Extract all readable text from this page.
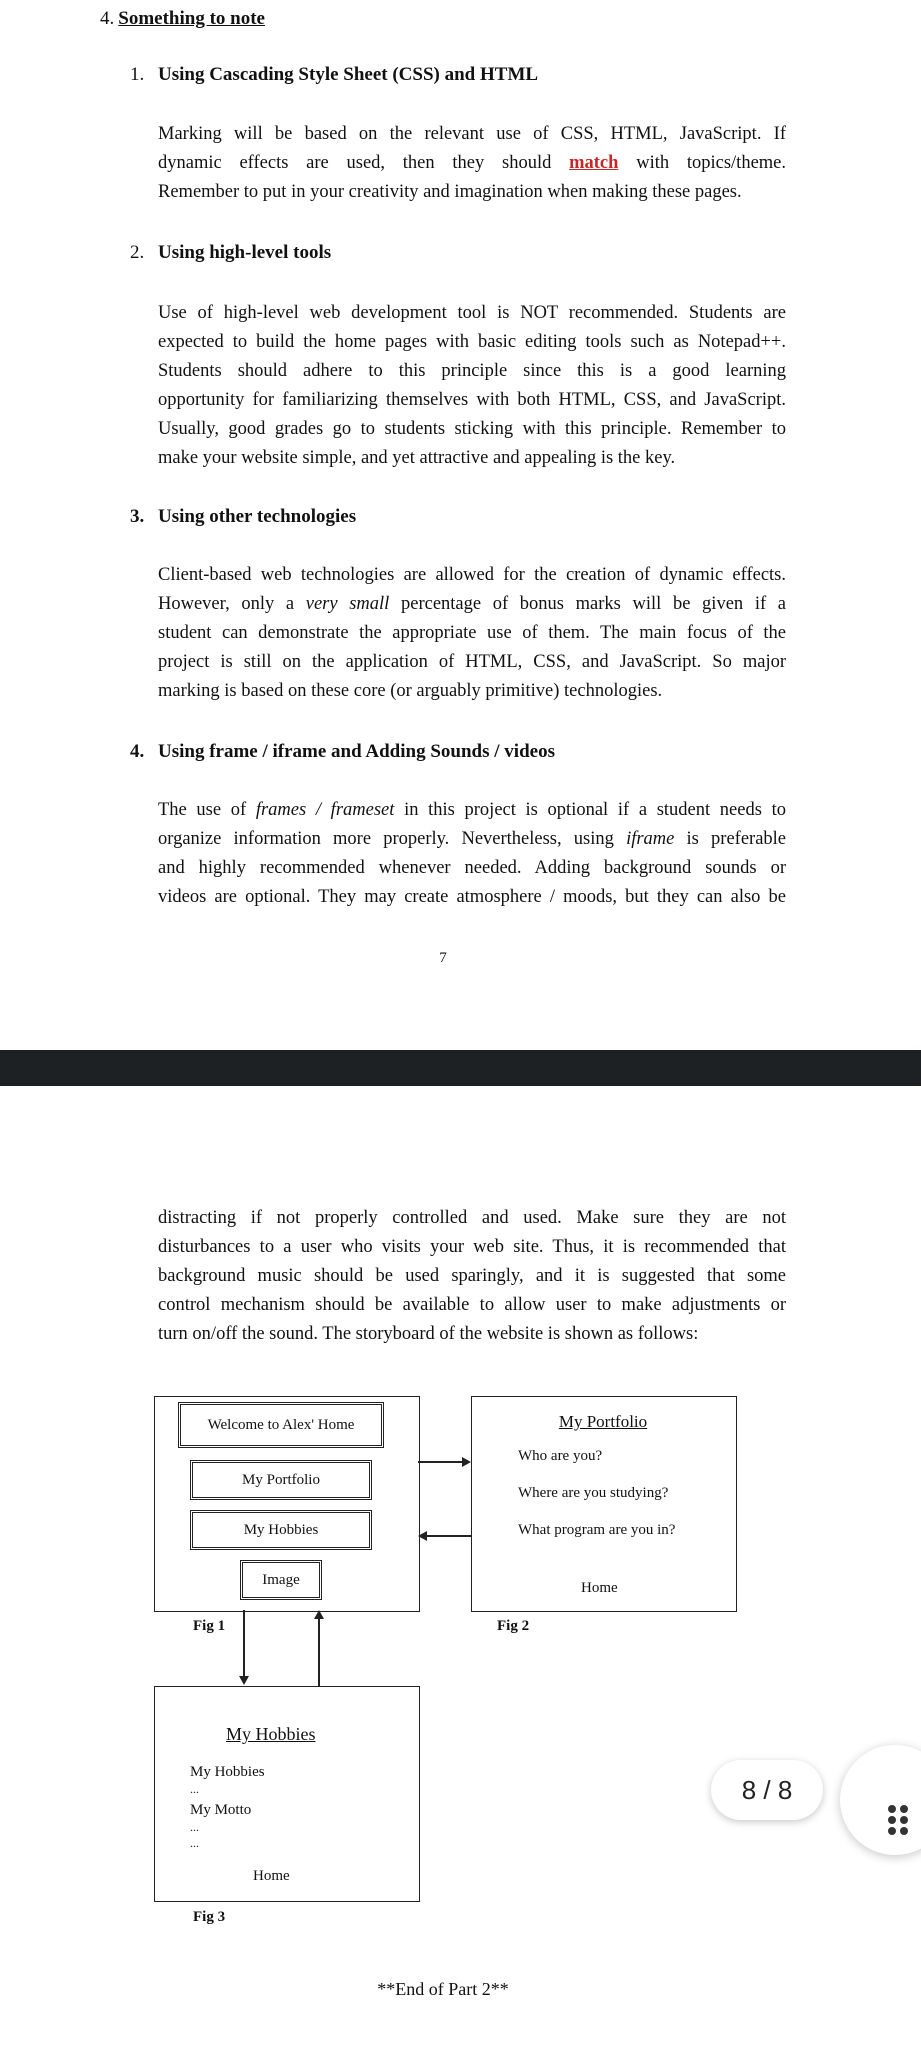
4. Something to note
1. Using Cascading Style Sheet (CSS) and HTML
Marking will be based on the relevant use of CSS, HTML, JavaScript. If
dynamic effects are used, then they should match with topics/theme.
Remember to put in your creativity and imagination when making these pages.
2. Using high-level tools
Use of high-level web development tool is NOT recommended. Students are
expected to build the home pages with basic editing tools such as Notepad++.
Students should adhere to this principle since this is a good learning
opportunity for familiarizing themselves with both HTML, CSS, and JavaScript.
Usually, good grades go to students sticking with this principle. Remember to
make your website simple, and yet attractive and appealing is the key.
3. Using other technologies
Client-based web technologies are allowed for the creation of dynamic effects.
However, only a very small percentage of bonus marks will be given if a
student can demonstrate the appropriate use of them. The main focus of the
project is still on the application of HTML, CSS, and JavaScript. So major
marking is based on these core (or arguably primitive) technologies.
4. Using frame / iframe and Adding Sounds / videos
The use of frames / frameset in this project is optional if a student needs to
organize information more properly. Nevertheless, using iframe is preferable
and highly recommended whenever needed. Adding background sounds or
videos are optional. They may create atmosphere / moods, but they can also be
7
distracting if not properly controlled and used. Make sure they are not
disturbances to a user who visits your web site. Thus, it is recommended that
background music should be used sparingly, and it is suggested that some
control mechanism should be available to allow user to make adjustments or
turn on/off the sound. The storyboard of the website is shown as follows:
Welcome to Alex' Home
My Portfolio
My Hobbies
Image
Fig 1
My Portfolio
Who are you?
Where are you studying?
What program are you in?
Home
Fig 2
My Hobbies
My Hobbies
...
My Motto
...
...
Home
Fig 3
**End of Part 2**
8 / 8
